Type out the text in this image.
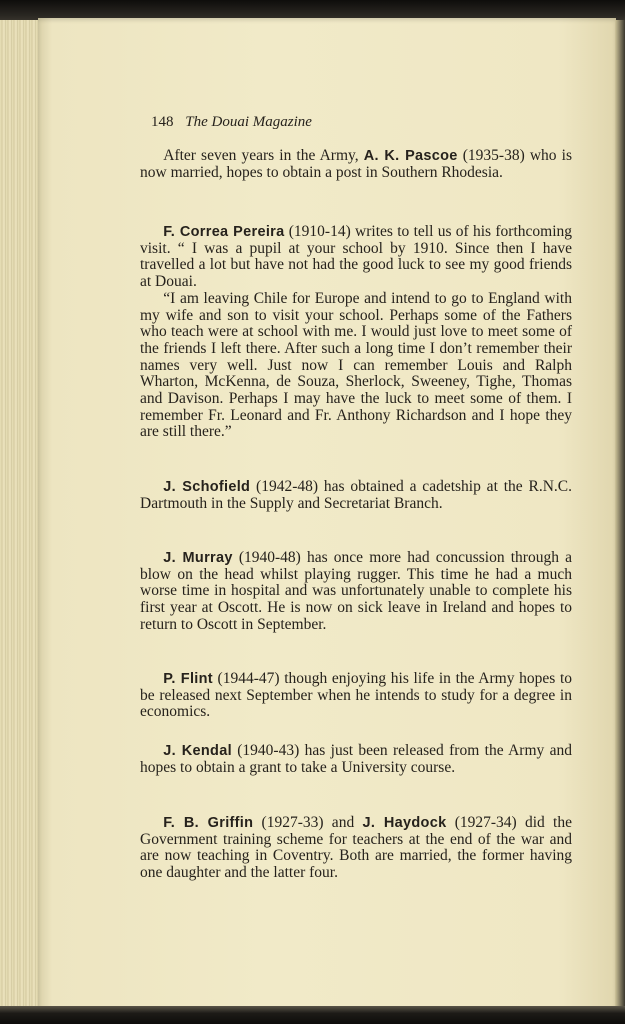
148 The Douai Magazine

After seven years in the Army, A. K. Pascoe (1935-38) who is now married, hopes to obtain a post in Southern Rhodesia.

F. Correa Pereira (1910-14) writes to tell us of his forthcoming visit. “ I was a pupil at your school by 1910. Since then I have travelled a lot but have not had the good luck to see my good friends at Douai.

“I am leaving Chile for Europe and intend to go to England with my wife and son to visit your school. Perhaps some of the Fathers who teach were at school with me. I would just love to meet some of the friends I left there. After such a long time I don’t remember their names very well. Just now I can remember Louis and Ralph Wharton, McKenna, de Souza, Sherlock, Sweeney, Tighe, Thomas and Davison. Perhaps I may have the luck to meet some of them. I remember Fr. Leonard and Fr. Anthony Richardson and I hope they are still there.”

J. Schofield (1942-48) has obtained a cadetship at the R.N.C. Dartmouth in the Supply and Secretariat Branch.

J. Murray (1940-48) has once more had concussion through a blow on the head whilst playing rugger. This time he had a much worse time in hospital and was unfortunately unable to complete his first year at Oscott. He is now on sick leave in Ireland and hopes to return to Oscott in September.

P. Flint (1944-47) though enjoying his life in the Army hopes to be released next September when he intends to study for a degree in economics.

J. Kendal (1940-43) has just been released from the Army and hopes to obtain a grant to take a University course.

F. B. Griffin (1927-33) and J. Haydock (1927-34) did the Government training scheme for teachers at the end of the war and are now teaching in Coventry. Both are married, the former having one daughter and the latter four.
